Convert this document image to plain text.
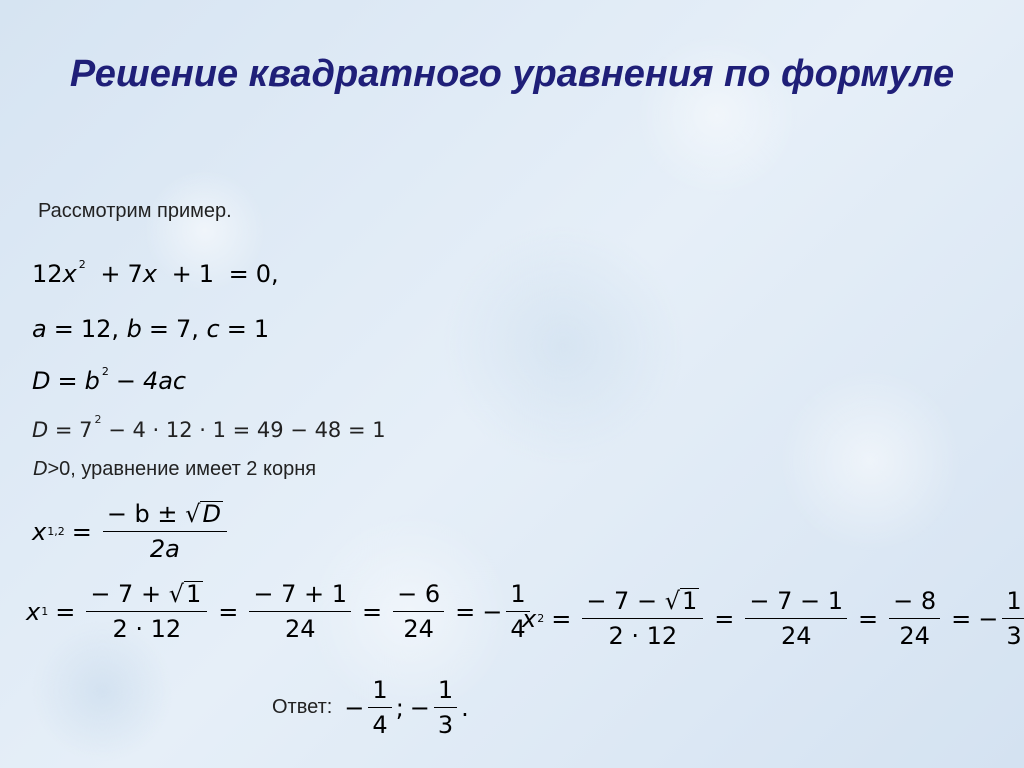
Решение квадратного уравнения по формуле
Рассмотрим пример.
12x $^2$ + 7x + 1 = 0,
a = 12, b = 7, c = 1
D = b $^2$ − 4ac
D = 7 $^2$ − 4 · 12 · 1 = 49 − 48 = 1
D>0, уравнение имеет 2 корня
x $1,2 = \frac{- b \pm √D}{2a}$
x $1 = \frac{- 7 + √1}{2 \cdot 12} = \frac{- 7 + 1}{24} = \frac{- 6}{24}$ = − $\frac{1}{4}$
x $2 = \frac{- 7 - √1}{2 \cdot 12} = \frac{- 7 - 1}{24} = \frac{- 8}{24}$ = − $\frac{1}{3}$
Ответ: − $\frac{1}{4}$ ; − $\frac{1}{3}$ .
